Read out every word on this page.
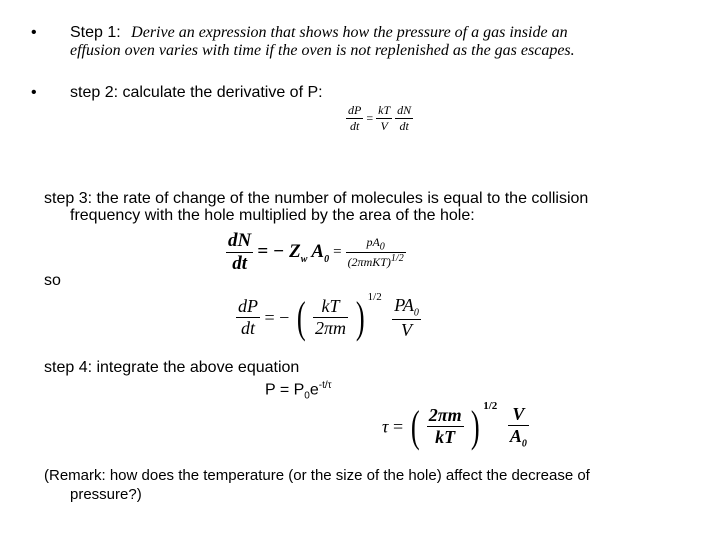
• Step 1: Derive an expression that shows how the pressure of a gas inside an
effusion oven varies with time if the oven is not replenished as the gas escapes.
• step 2: calculate the derivative of P:
$\frac{dP}{dt} = \frac{kT}{V}$
$\frac{dN}{dt}$
step 3: the rate of change of the number of molecules is equal to the collision
frequency with the hole multiplied by the area of the hole:
$\frac{dN}{dt}$ = − $Z_w$ $A_0 = \frac{pA_0}{(2\pi mKT)^{1/2}}$
so
$\frac{dP}{dt}$ = − ( $\frac{kT}{2\pi m}$ ) $^{1/2} \frac{PA_0}{V}$
step 4: integrate the above equation
$P = P_0e^{-t/\tau}$
τ = ( $\frac{2\pi m}{kT}$ ) $^{1/2} \frac{V}{A_0}$
(Remark: how does the temperature (or the size of the hole) affect the decrease of
pressure?)
